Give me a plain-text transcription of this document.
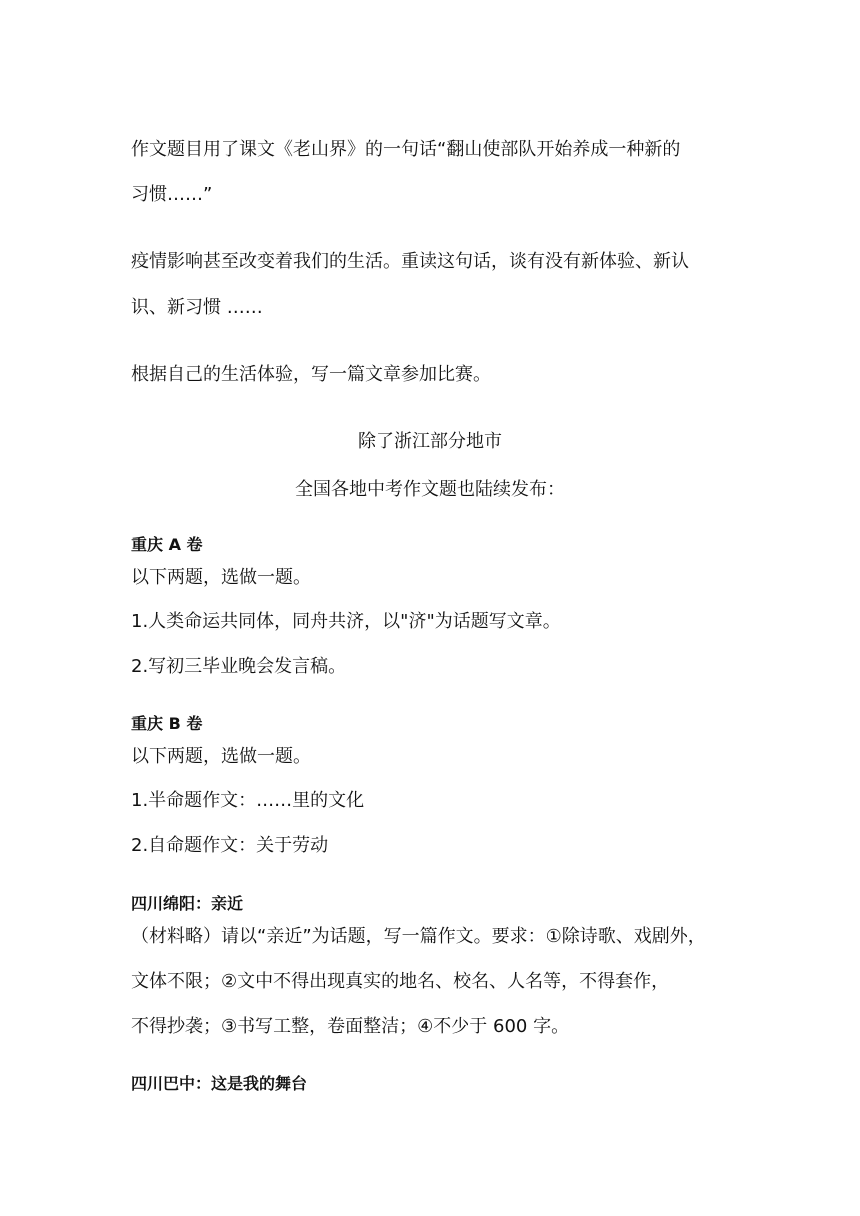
作文题目用了课文《老山界》的一句话“翻山使部队开始养成一种新的
习惯……”
疫情影响甚至改变着我们的生活。重读这句话，谈有没有新体验、新认
识、新习惯 ……
根据自己的生活体验，写一篇文章参加比赛。
除了浙江部分地市
全国各地中考作文题也陆续发布：
重庆 A 卷
以下两题，选做一题。
1.人类命运共同体，同舟共济，以"济"为话题写文章。
2.写初三毕业晚会发言稿。
重庆 B 卷
以下两题，选做一题。
1.半命题作文：……里的文化
2.自命题作文：关于劳动
四川绵阳：亲近
（材料略）请以“亲近”为话题，写一篇作文。要求：①除诗歌、戏剧外，
文体不限；②文中不得出现真实的地名、校名、人名等，不得套作，
不得抄袭；③书写工整，卷面整洁；④不少于 600 字。
四川巴中：这是我的舞台
